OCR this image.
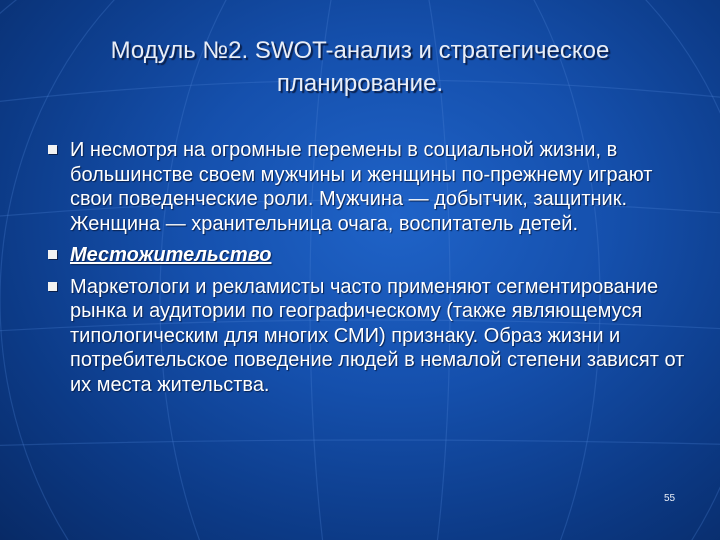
Модуль №2. SWOT-анализ и стратегическое
планирование.
И несмотря на огромные перемены в социальной жизни, в большинстве своем мужчины и женщины по-прежнему играют свои поведенческие роли. Мужчина — добытчик, защитник. Женщина — хранительница очага, воспитатель детей.
Местожительство
Маркетологи и рекламисты часто применяют сегментирование рынка и аудитории по географическому (также являющемуся типологическим для многих СМИ) признаку. Образ жизни и потребительское поведение людей в немалой степени зависят от их места жительства.
55
